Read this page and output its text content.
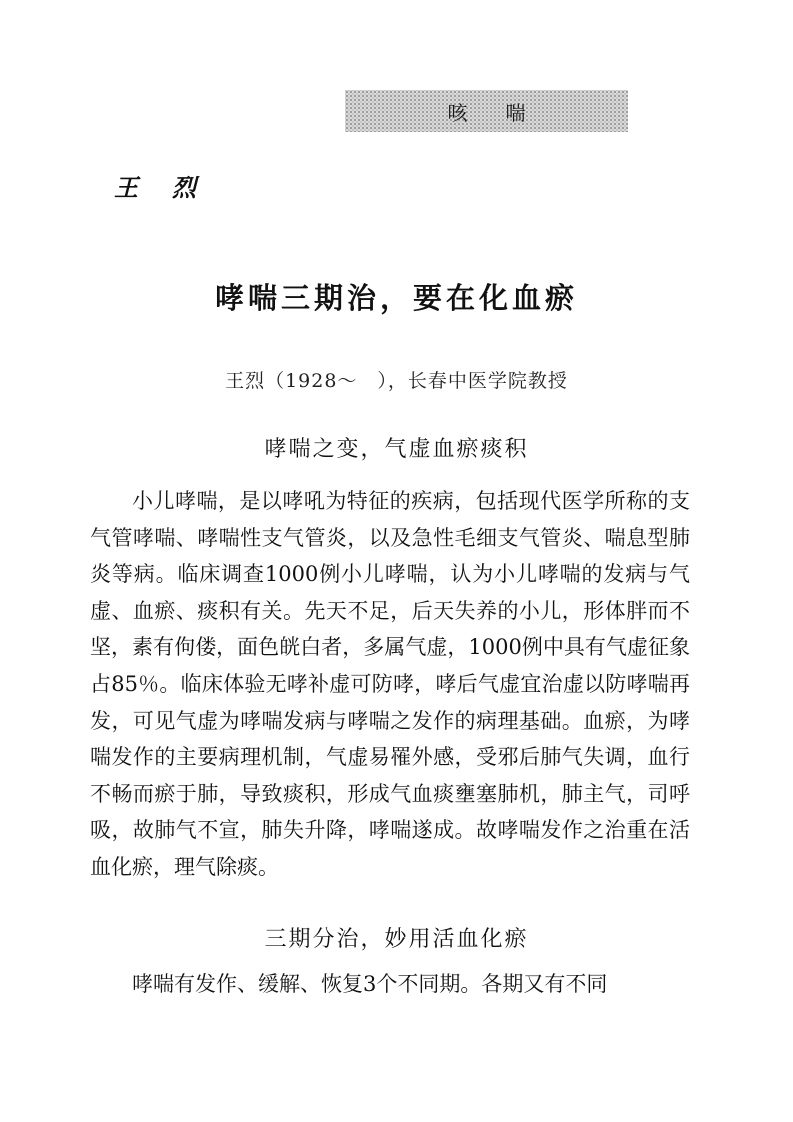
咳喘
王烈
哮喘三期治，要在化血瘀
王烈（1928～　），长春中医学院教授
哮喘之变，气虚血瘀痰积
小儿哮喘，是以哮吼为特征的疾病，包括现代医学所称的支气管哮喘、哮喘性支气管炎，以及急性毛细支气管炎、喘息型肺炎等病。临床调查1000例小儿哮喘，认为小儿哮喘的发病与气虚、血瘀、痰积有关。先天不足，后天失养的小儿，形体胖而不坚，素有佝偻，面色㿠白者，多属气虚，1000例中具有气虚征象占85％。临床体验无哮补虚可防哮，哮后气虚宜治虚以防哮喘再发，可见气虚为哮喘发病与哮喘之发作的病理基础。血瘀，为哮喘发作的主要病理机制，气虚易罹外感，受邪后肺气失调，血行不畅而瘀于肺，导致痰积，形成气血痰壅塞肺机，肺主气，司呼吸，故肺气不宣，肺失升降，哮喘遂成。故哮喘发作之治重在活血化瘀，理气除痰。
三期分治，妙用活血化瘀
哮喘有发作、缓解、恢复3个不同期。各期又有不同
